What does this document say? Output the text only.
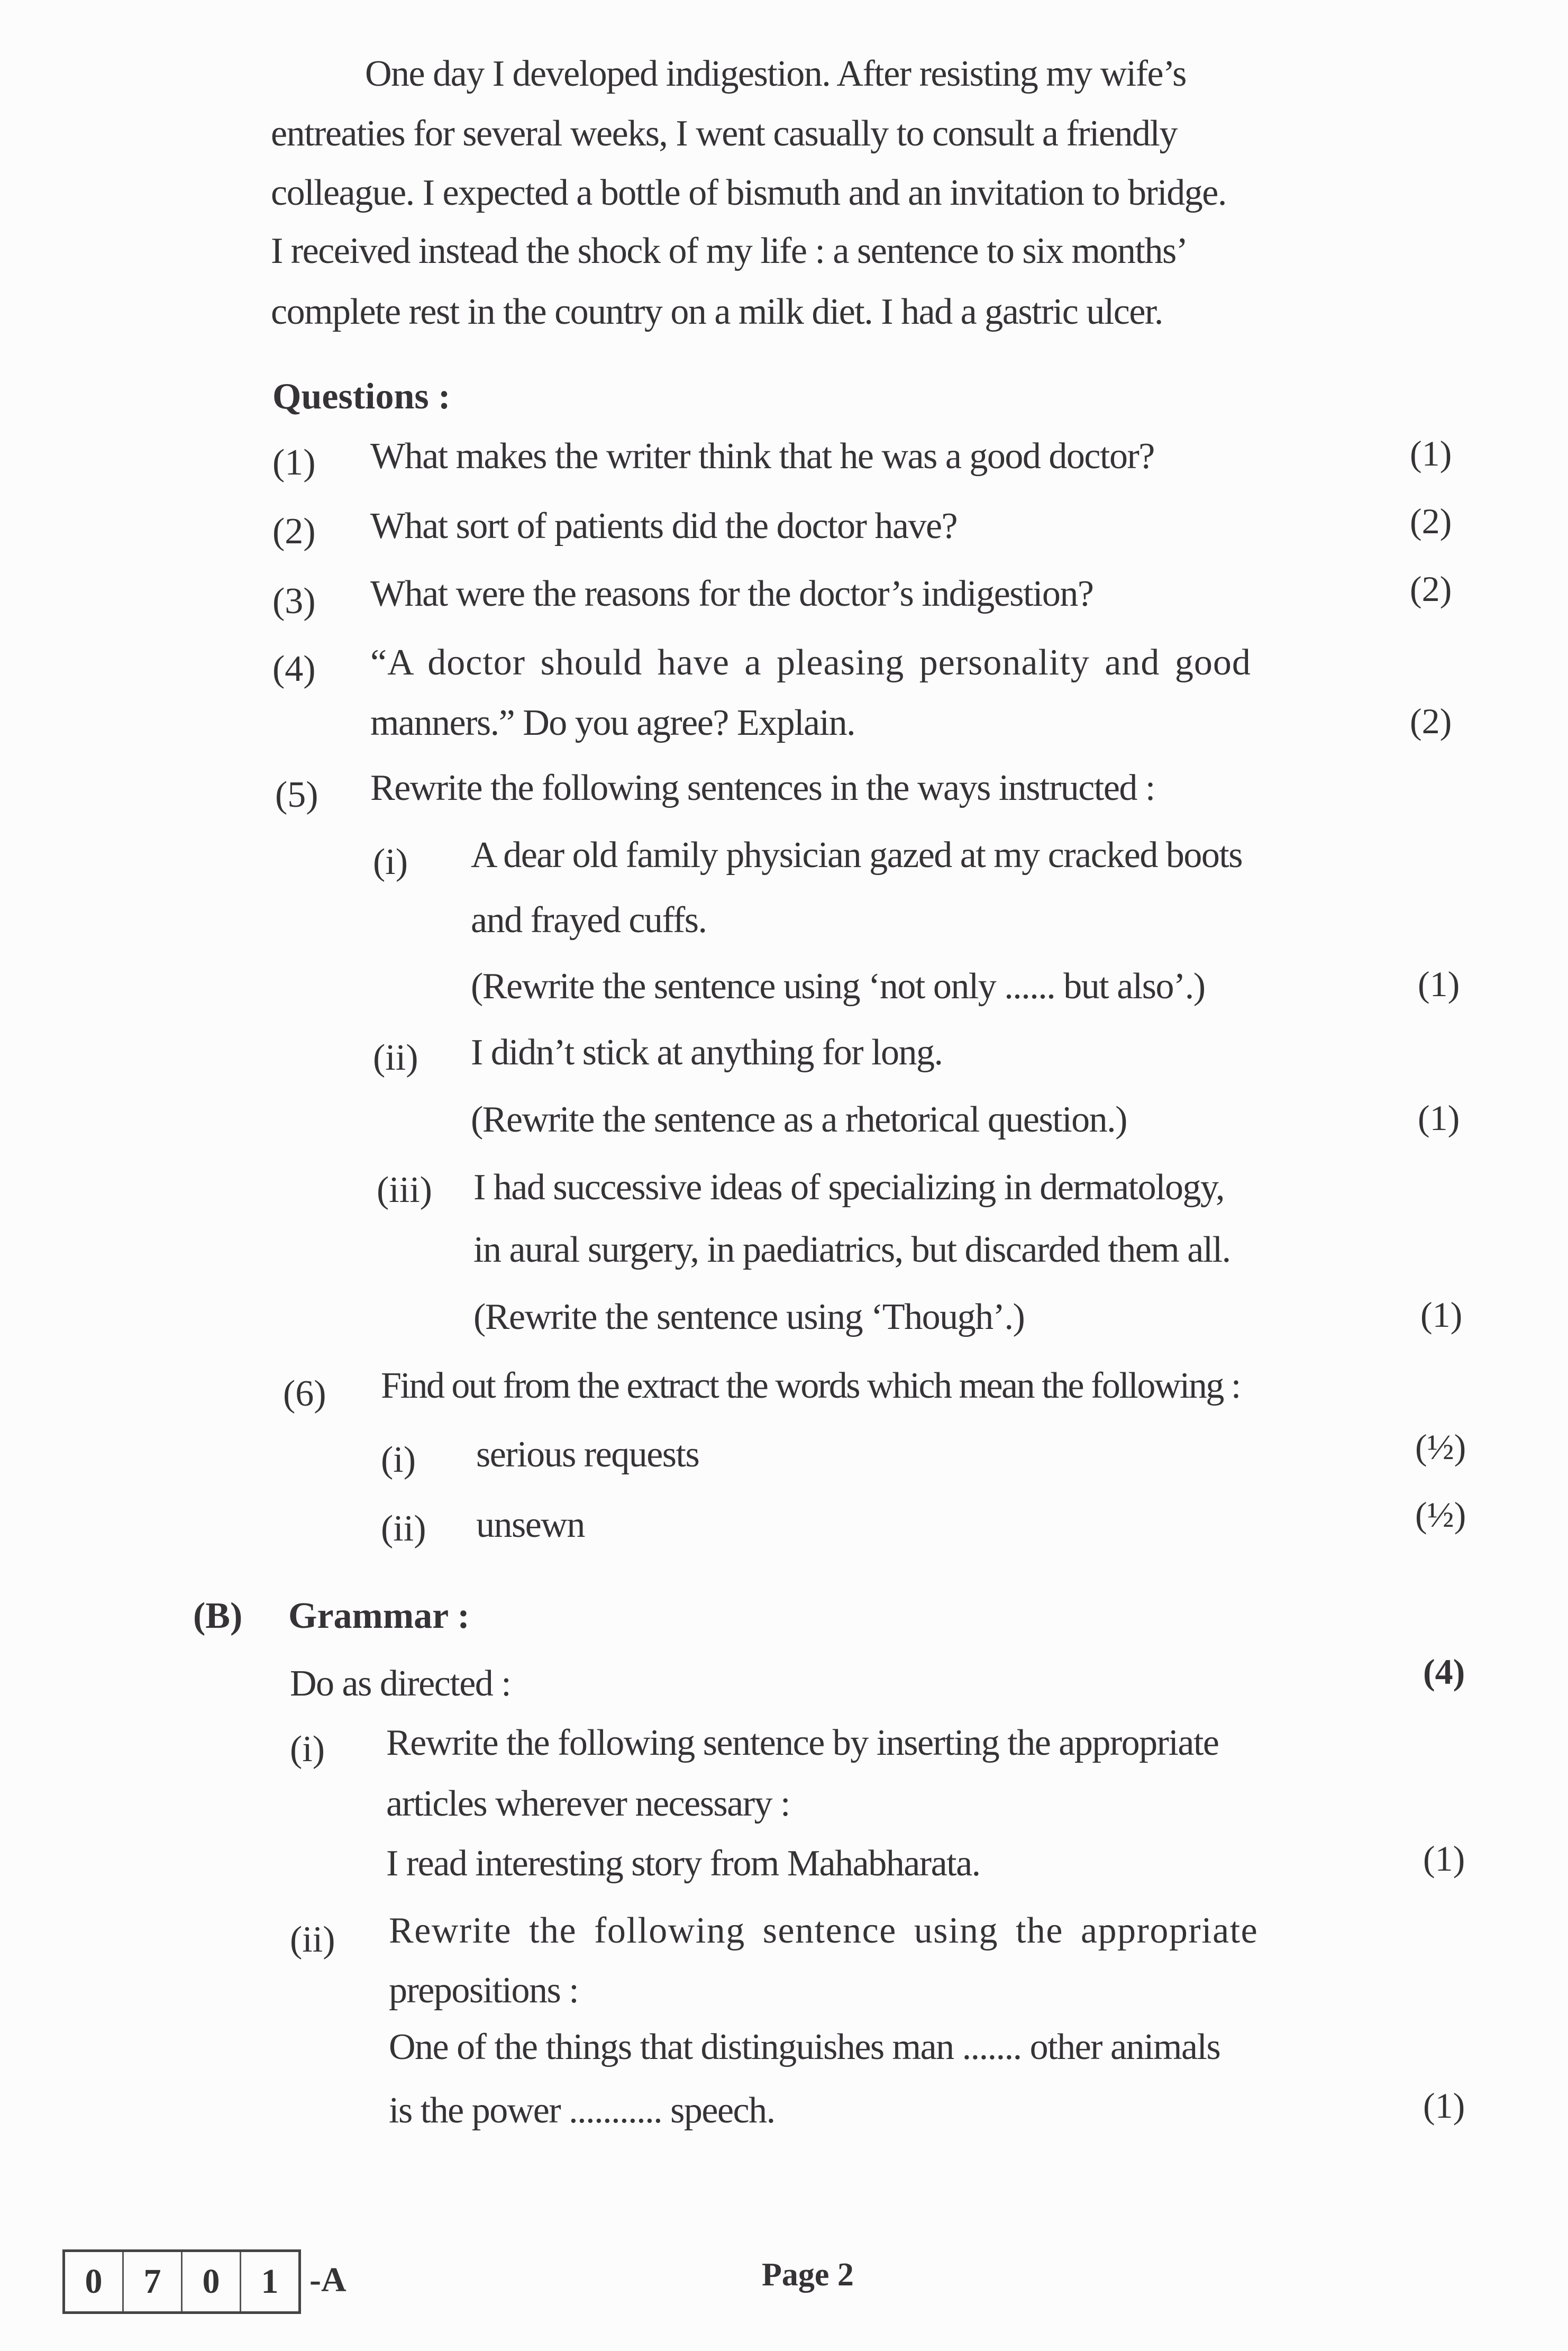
One day I developed indigestion. After resisting my wife’s
entreaties for several weeks, I went casually to consult a friendly
colleague. I expected a bottle of bismuth and an invitation to bridge.
I received instead the shock of my life : a sentence to six months’
complete rest in the country on a milk diet. I had a gastric ulcer.
Questions :
(1) What makes the writer think that he was a good doctor?	(1)
(2) What sort of patients did the doctor have?	(2)
(3) What were the reasons for the doctor’s indigestion?	(2)
(4) “A doctor should have a pleasing personality and good
manners.” Do you agree? Explain.	(2)
(5) Rewrite the following sentences in the ways instructed :
(i) A dear old family physician gazed at my cracked boots
and frayed cuffs.
(Rewrite the sentence using ‘not only ...... but also’.)	(1)
(ii) I didn’t stick at anything for long.
(Rewrite the sentence as a rhetorical question.)	(1)
(iii) I had successive ideas of specializing in dermatology,
in aural surgery, in paediatrics, but discarded them all.
(Rewrite the sentence using ‘Though’.)	(1)
(6) Find out from the extract the words which mean the following :
(i) serious requests	(½)
(ii) unsewn	(½)
(B) Grammar :
Do as directed :	(4)
(i) Rewrite the following sentence by inserting the appropriate
articles wherever necessary :
I read interesting story from Mahabharata.	(1)
(ii) Rewrite the following sentence using the appropriate
prepositions :
One of the things that distinguishes man ....... other animals
is the power ........... speech.	(1)
0	7	0	1 -A	Page 2
